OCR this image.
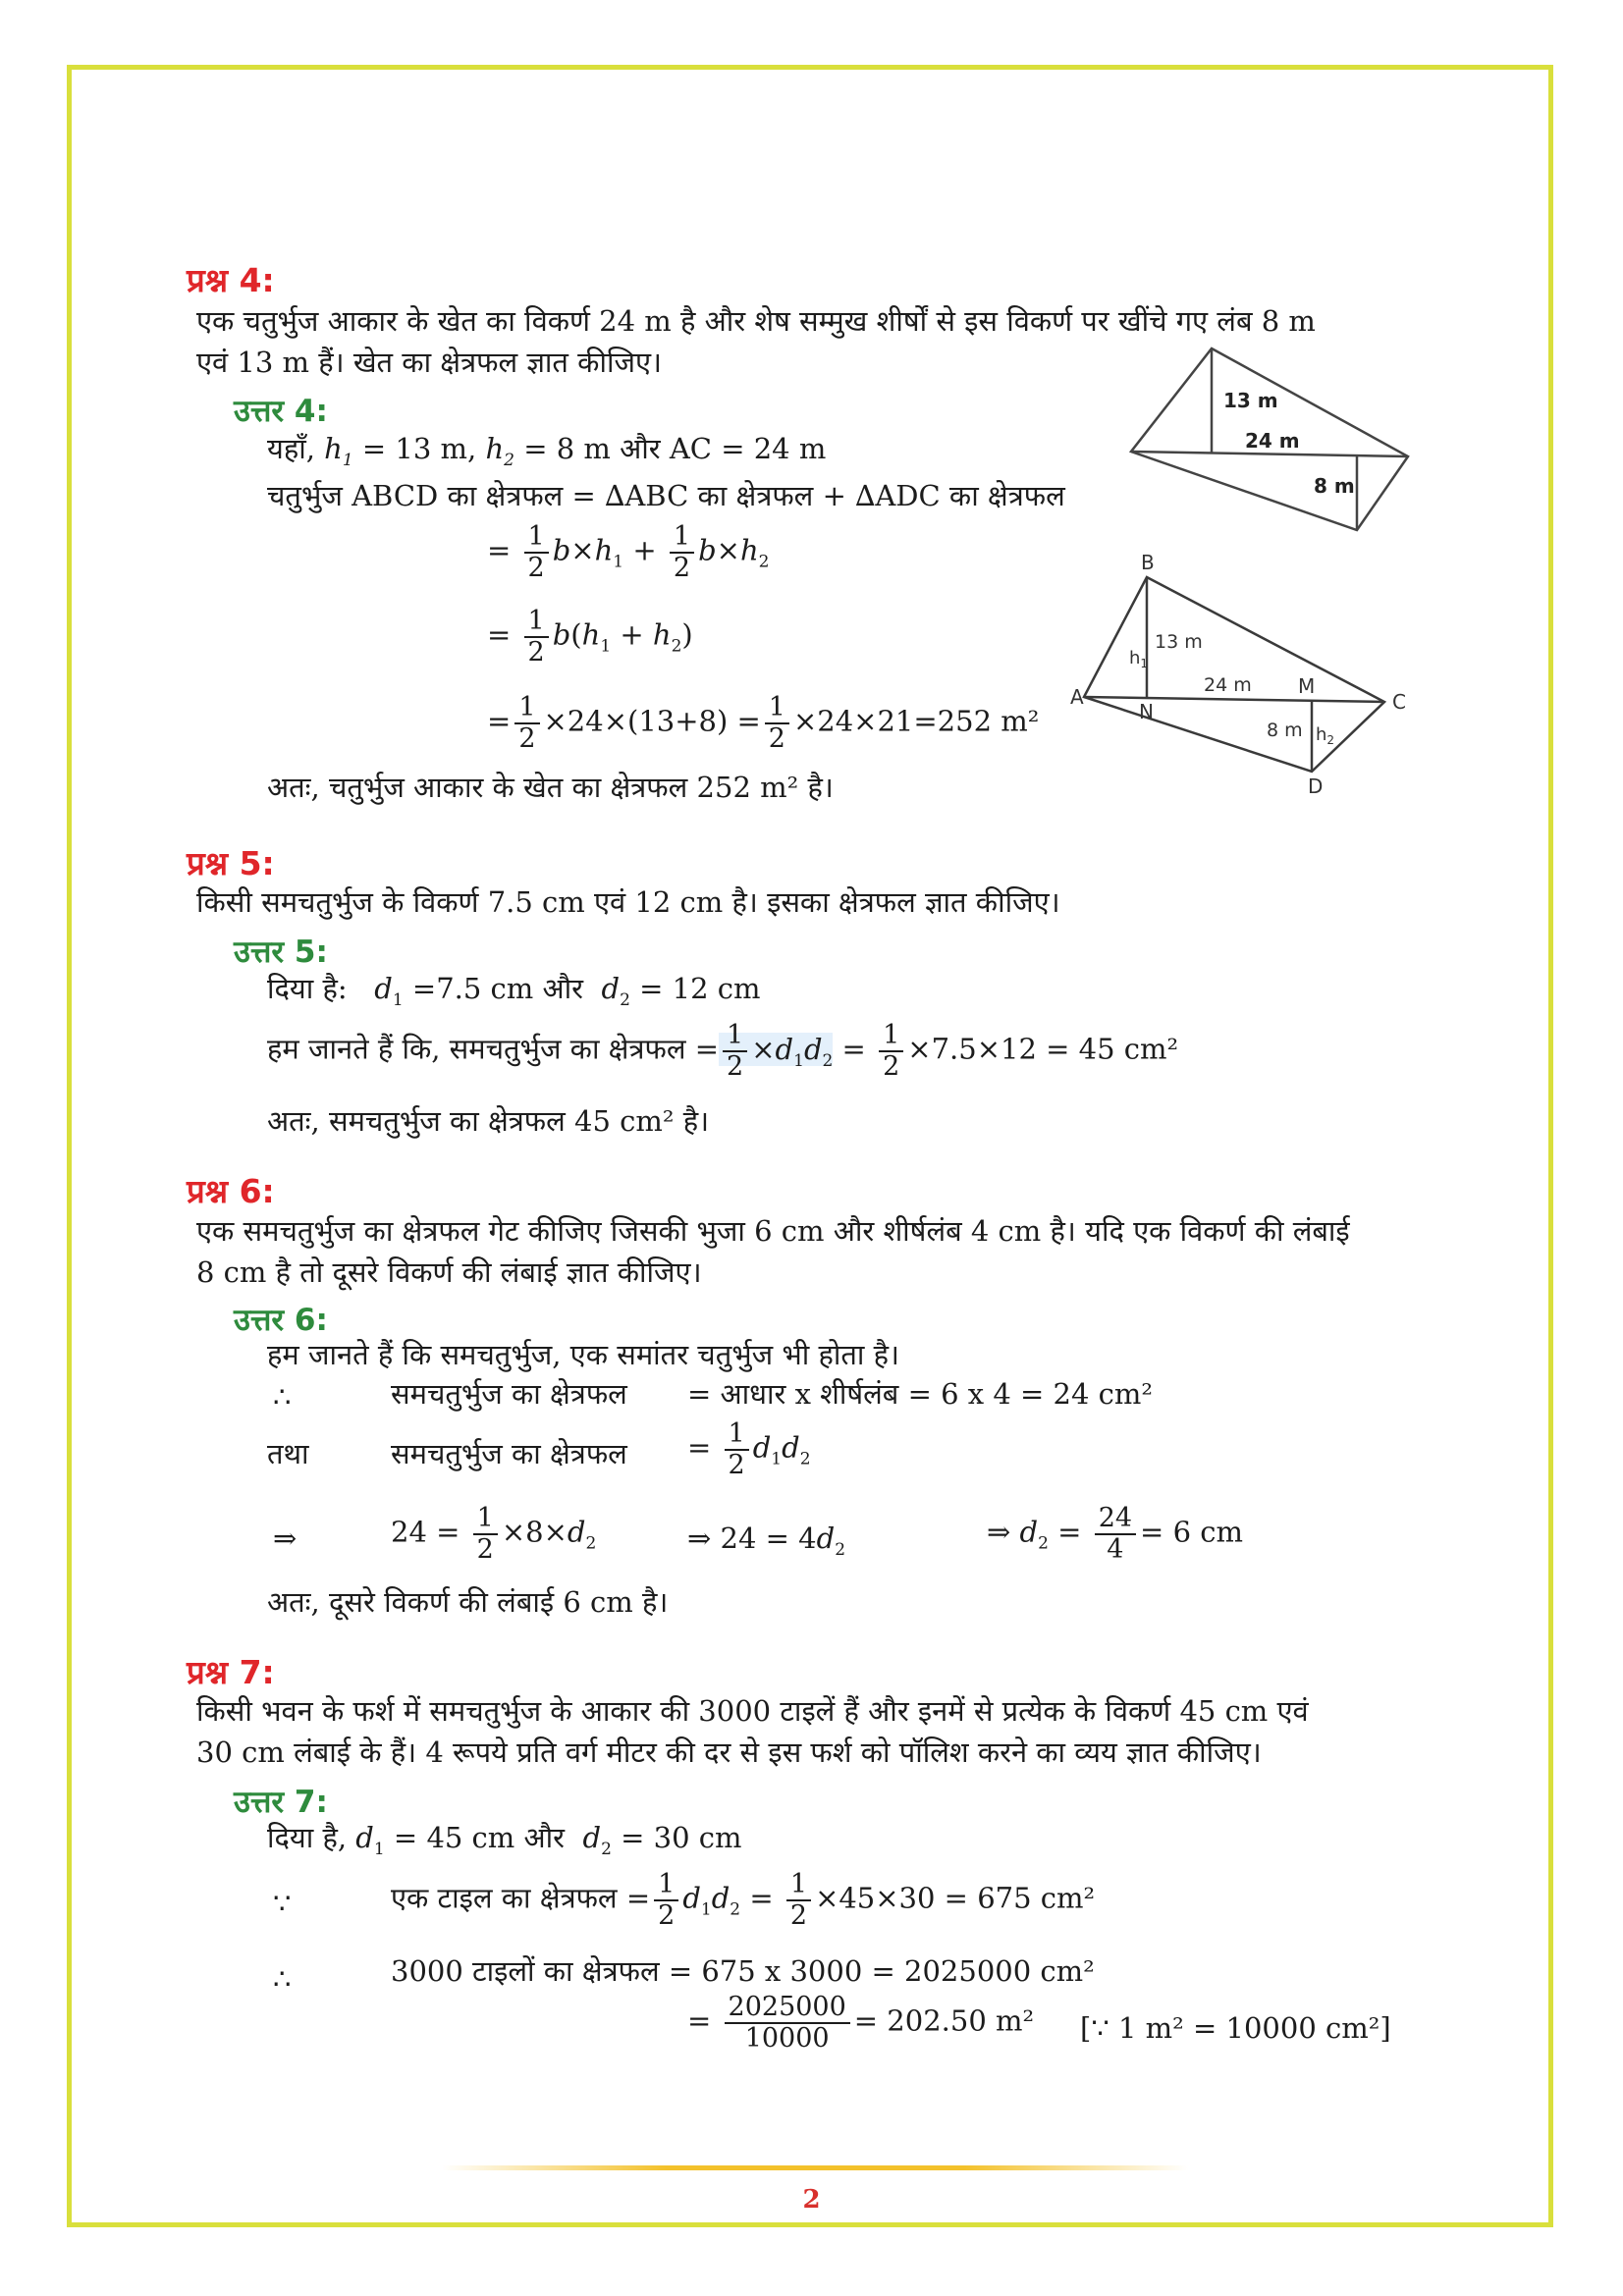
प्रश्न 4:
एक चतुर्भुज आकार के खेत का विकर्ण 24 m है और शेष सम्मुख शीर्षों से इस विकर्ण पर खींचे गए लंब 8 m
एवं 13 m हैं। खेत का क्षेत्रफल ज्ञात कीजिए।
उत्तर 4:
यहाँ, $h_1 = 13$ m, $h_2 = 8$ m और AC = 24 m
चतुर्भुज ABCD का क्षेत्रफल = ∆ABC का क्षेत्रफल + ∆ADC का क्षेत्रफल
= $\frac{1}{2} b\times h_1 + \frac{1}{2} b\times h_2$
= $\frac{1}{2} b(h_1 + h_2)$
= $\frac{1}{2} \times 24\times(13+8) = \frac{1}{2} \times 24\times 21=252$ m²
अतः, चतुर्भुज आकार के खेत का क्षेत्रफल 252 m² है।
13 m
24 m
8 m
B
A	C
D
N
M
$h_1$
$h_2$
13 m
24 m
8 m
प्रश्न 5:
किसी समचतुर्भुज के विकर्ण 7.5 cm एवं 12 cm है। इसका क्षेत्रफल ज्ञात कीजिए।
उत्तर 5:
दिया है: $d_1 =7.5$ cm और $d_2 = 12$ cm
हम जानते हैं कि, समचतुर्भुज का क्षेत्रफल = $\frac{1}{2} \times d_1d_2 = \frac{1}{2} \times 7.5\times 12 = 45$ cm²
अतः, समचतुर्भुज का क्षेत्रफल 45 cm² है।
प्रश्न 6:
एक समचतुर्भुज का क्षेत्रफल गेट कीजिए जिसकी भुजा 6 cm और शीर्षलंब 4 cm है। यदि एक विकर्ण की लंबाई
8 cm है तो दूसरे विकर्ण की लंबाई ज्ञात कीजिए।
उत्तर 6:
हम जानते हैं कि समचतुर्भुज, एक समांतर चतुर्भुज भी होता है।
∴	समचतुर्भुज का क्षेत्रफल = आधार x शीर्षलंब = 6 x 4 = 24 cm²
तथा	समचतुर्भुज का क्षेत्रफल = $\frac{1}{2} d_1d_2$
⇒	$24 = \frac{1}{2} \times 8\times d_2$	⇒ $24 = 4d_2$
⇒ $d_2 = \frac{24}{4} = 6$ cm
अतः, दूसरे विकर्ण की लंबाई 6 cm है।
प्रश्न 7:
किसी भवन के फर्श में समचतुर्भुज के आकार की 3000 टाइलें हैं और इनमें से प्रत्येक के विकर्ण 45 cm एवं
30 cm लंबाई के हैं। 4 रूपये प्रति वर्ग मीटर की दर से इस फर्श को पॉलिश करने का व्यय ज्ञात कीजिए।
उत्तर 7:
दिया है, $d_1 = 45$ cm और $d_2 = 30$ cm
∵	एक टाइल का क्षेत्रफल = $\frac{1}{2} d_1d_2 = \frac{1}{2} \times 45\times 30 = 675$ cm²
∴	3000 टाइलों का क्षेत्रफल = 675 x 3000 = 2025000 cm²
= $\frac{2025000}{10000} = 202.50$ m² [∵ 1 m² = 10000 cm²]
2
